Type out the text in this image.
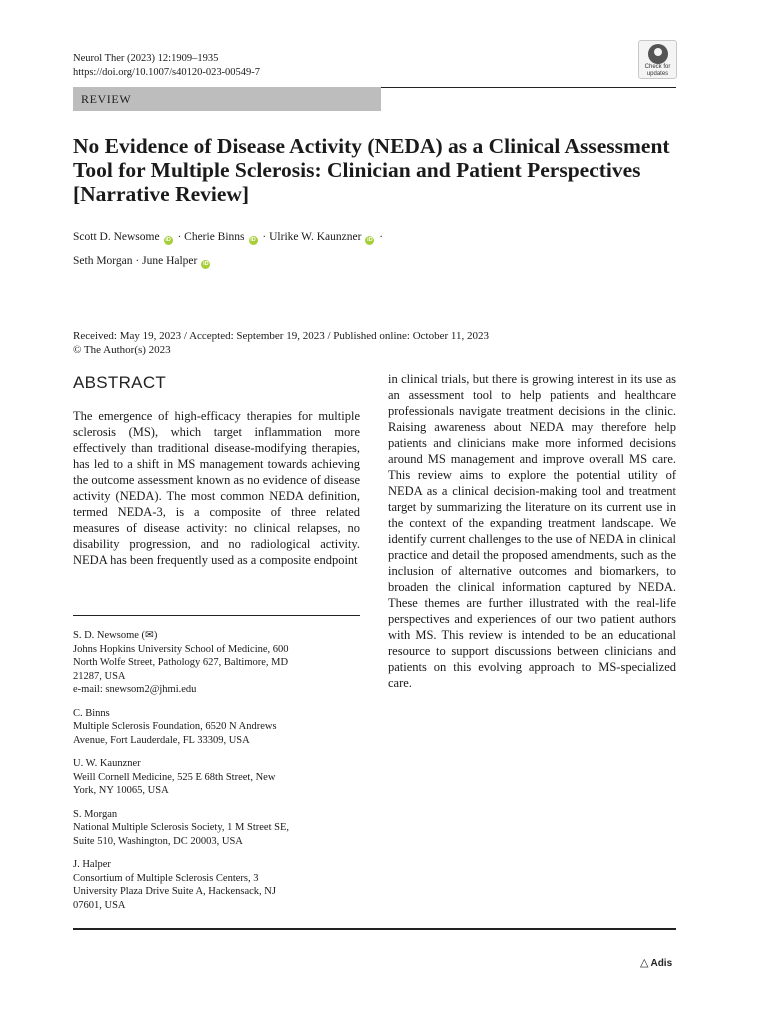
Neurol Ther (2023) 12:1909–1935
https://doi.org/10.1007/s40120-023-00549-7	Check for updates
REVIEW
No Evidence of Disease Activity (NEDA) as a Clinical Assessment Tool for Multiple Sclerosis: Clinician and Patient Perspectives [Narrative Review]
Scott D. Newsome iD · Cherie Binns iD · Ulrike W. Kaunzner iD ·
Seth Morgan · June Halper iD
Received: May 19, 2023 / Accepted: September 19, 2023 / Published online: October 11, 2023
© The Author(s) 2023
ABSTRACT
The emergence of high-efficacy therapies for multiple sclerosis (MS), which target inflammation more effectively than traditional disease-modifying therapies, has led to a shift in MS management towards achieving the outcome assessment known as no evidence of disease activity (NEDA). The most common NEDA definition, termed NEDA-3, is a composite of three related measures of disease activity: no clinical relapses, no disability progression, and no radiological activity. NEDA has been frequently used as a composite endpoint
in clinical trials, but there is growing interest in its use as an assessment tool to help patients and healthcare professionals navigate treatment decisions in the clinic. Raising awareness about NEDA may therefore help patients and clinicians make more informed decisions around MS management and improve overall MS care. This review aims to explore the potential utility of NEDA as a clinical decision-making tool and treatment target by summarizing the literature on its current use in the context of the expanding treatment landscape. We identify current challenges to the use of NEDA in clinical practice and detail the proposed amendments, such as the inclusion of alternative outcomes and biomarkers, to broaden the clinical information captured by NEDA. These themes are further illustrated with the real-life perspectives and experiences of our two patient authors with MS. This review is intended to be an educational resource to support discussions between clinicians and patients on this evolving approach to MS-specialized care.
S. D. Newsome (✉)
Johns Hopkins University School of Medicine, 600
North Wolfe Street, Pathology 627, Baltimore, MD
21287, USA
e-mail: snewsom2@jhmi.edu
C. Binns
Multiple Sclerosis Foundation, 6520 N Andrews
Avenue, Fort Lauderdale, FL 33309, USA
U. W. Kaunzner
Weill Cornell Medicine, 525 E 68th Street, New
York, NY 10065, USA
S. Morgan
National Multiple Sclerosis Society, 1 M Street SE,
Suite 510, Washington, DC 20003, USA
J. Halper
Consortium of Multiple Sclerosis Centers, 3
University Plaza Drive Suite A, Hackensack, NJ
07601, USA
△ Adis
